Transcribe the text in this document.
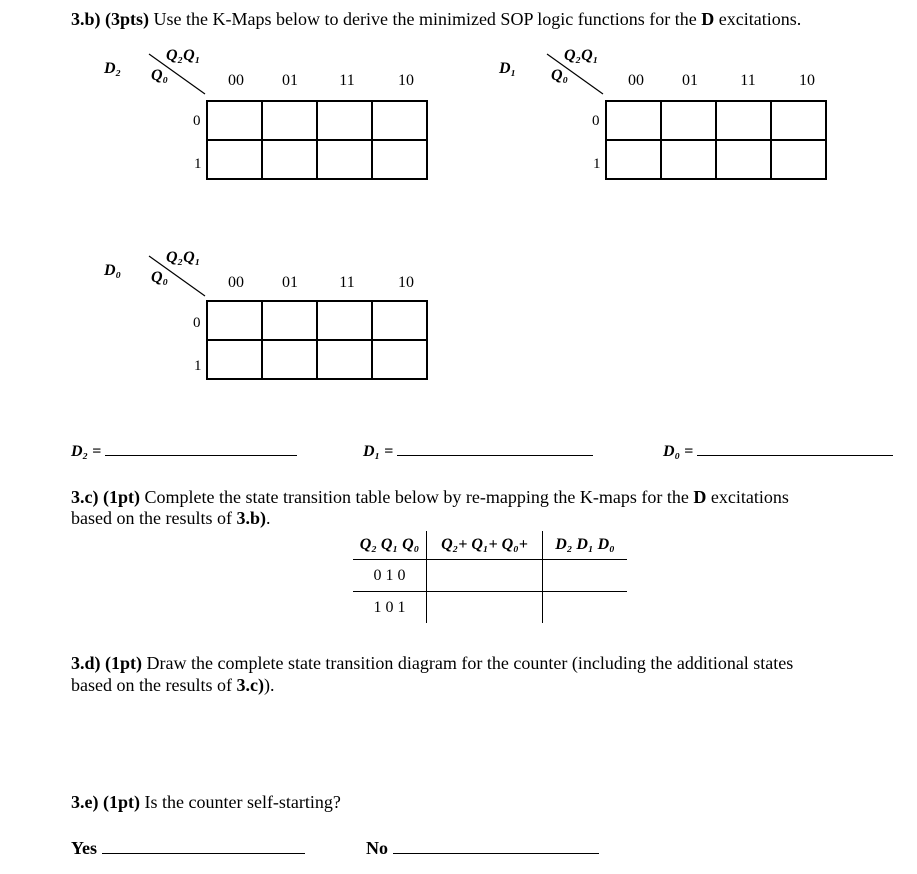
3.b) (3pts) Use the K-Maps below to derive the minimized SOP logic functions for the D excitations.
D₂
Q₂Q₁
Q₀	00	01	11	10
0
1

D₁
Q₂Q₁
Q₀	00	01	11	10
0
1

D₀
Q₂Q₁
Q₀	00	01	11	10
0
1

D₂ =	D₁ =	D₀ =
3.c) (1pt) Complete the state transition table below by re-mapping the K-maps for the D excitations
based on the results of 3.b).
Q₂ Q₁ Q₀	Q₂+ Q₁+ Q₀+	D₂ D₁ D₀
0 1 0		
1 0 1		
3.d) (1pt) Draw the complete state transition diagram for the counter (including the additional states
based on the results of 3.c)).
3.e) (1pt) Is the counter self-starting?
Yes	No
